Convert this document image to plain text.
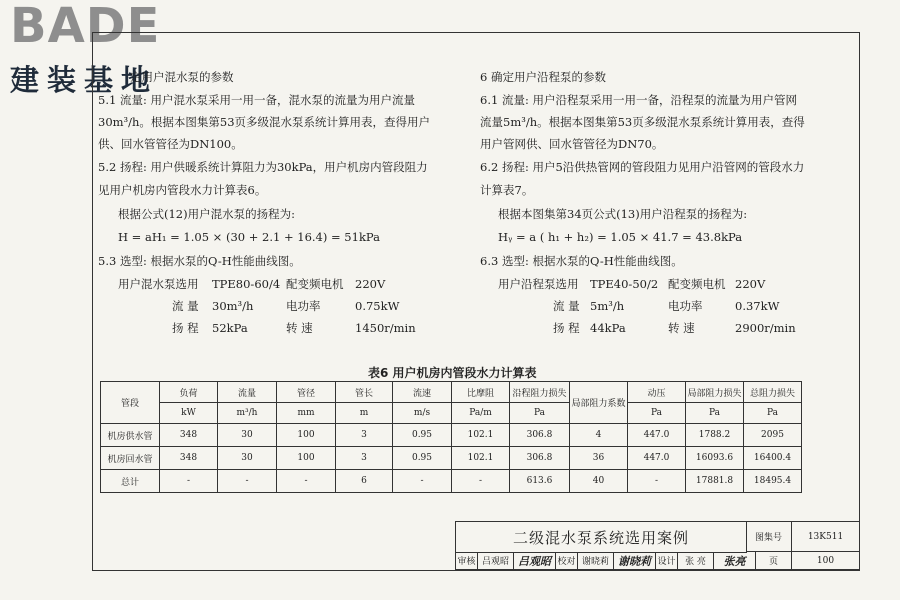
BADE
建装基地
定用户混水泵的参数
5.1 流量: 用户混水泵采用一用一备，混水泵的流量为用户流量
30m³/h。根据本图集第53页多级混水泵系统计算用表，查得用户
供、回水管管径为DN100。
5.2 扬程: 用户供暖系统计算阻力为30kPa，用户机房内管段阻力
见用户机房内管段水力计算表6。
根据公式(12)用户混水泵的扬程为:
H = aH₁ = 1.05 × (30 + 2.1 + 16.4) = 51kPa
5.3 选型: 根据水泵的Q-H性能曲线图。
用户混水泵选用 TPE80-60/4 配变频电机 220V
流 量 30m³/h	电功率	0.75kW
扬 程 52kPa	转 速	1450r/min
6 确定用户沿程泵的参数
6.1 流量: 用户沿程泵采用一用一备，沿程泵的流量为用户管网
流量5m³/h。根据本图集第53页多级混水泵系统计算用表，查得
用户管网供、回水管管径为DN70。
6.2 扬程: 用户5沿供热管网的管段阻力见用户沿管网的管段水力
计算表7。
根据本图集第34页公式(13)用户沿程泵的扬程为:
Hᵧ = a ( h₁ + h₂) = 1.05 × 41.7 = 43.8kPa
6.3 选型: 根据水泵的Q-H性能曲线图。
用户沿程泵选用 TPE40-50/2 配变频电机 220V
流 量 5m³/h	电功率	0.37kW
扬 程 44kPa	转 速	2900r/min
表6 用户机房内管段水力计算表
管段	负荷	流量	管径	管长	流速	比摩阻	沿程阻力损失	局部阻力系数	动压	局部阻力损失	总阻力损失
	kW	m³/h	mm	m	m/s	Pa/m	Pa		Pa	Pa	Pa
机房供水管	348	30	100	3	0.95	102.1	306.8	4	447.0	1788.2	2095
机房回水管	348	30	100	3	0.95	102.1	306.8	36	447.0	16093.6	16400.4
总计	-	-	-	6	-	-	613.6	40	-	17881.8	18495.4
二级混水泵系统选用案例	图集号	13K511
审核 吕观昭 吕观昭 校对 谢晓莉 谢晓莉 设计	张 亮	张亮	页	100
